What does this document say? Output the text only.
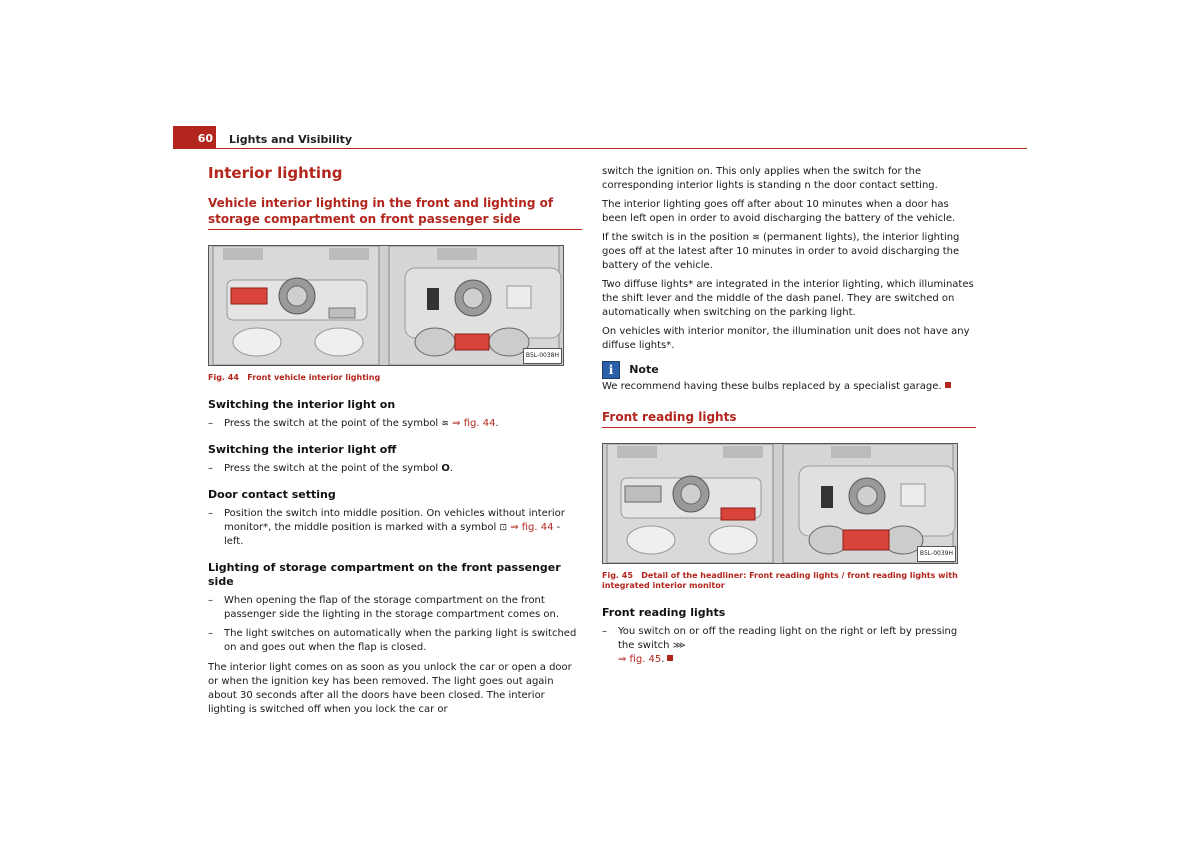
60 Lights and Visibility
Interior lighting
Vehicle interior lighting in the front and lighting of storage compartment on front passenger side
B5L-0038H
Fig. 44 Front vehicle interior lighting
Switching the interior light on
– Press the switch at the point of the symbol ≋ ⇒ fig. 44.
Switching the interior light off
– Press the switch at the point of the symbol O.
Door contact setting
– Position the switch into middle position. On vehicles without interior monitor*, the middle position is marked with a symbol ⊡ ⇒ fig. 44 - left.
Lighting of storage compartment on the front passenger side
– When opening the flap of the storage compartment on the front passenger side the lighting in the storage compartment comes on.
– The light switches on automatically when the parking light is switched on and goes out when the flap is closed.

The interior light comes on as soon as you unlock the car or open a door or when the ignition key has been removed. The light goes out again about 30 seconds after all the doors have been closed. The interior lighting is switched off when you lock the car or

switch the ignition on. This only applies when the switch for the corresponding interior lights is standing n the door contact setting.

The interior lighting goes off after about 10 minutes when a door has been left open in order to avoid discharging the battery of the vehicle.

If the switch is in the position ≋ (permanent lights), the interior lighting goes off at the latest after 10 minutes in order to avoid discharging the battery of the vehicle.

Two diffuse lights* are integrated in the interior lighting, which illuminates the shift lever and the middle of the dash panel. They are switched on automatically when switching on the parking light.

On vehicles with interior monitor, the illumination unit does not have any diffuse lights*.

i Note

We recommend having these bulbs replaced by a specialist garage.

Front reading lights
B5L-0039H
Fig. 45 Detail of the headliner: Front reading lights / front reading lights with integrated interior monitor
Front reading lights
– You switch on or off the reading light on the right or left by pressing the switch ⋙
⇒ fig. 45.
